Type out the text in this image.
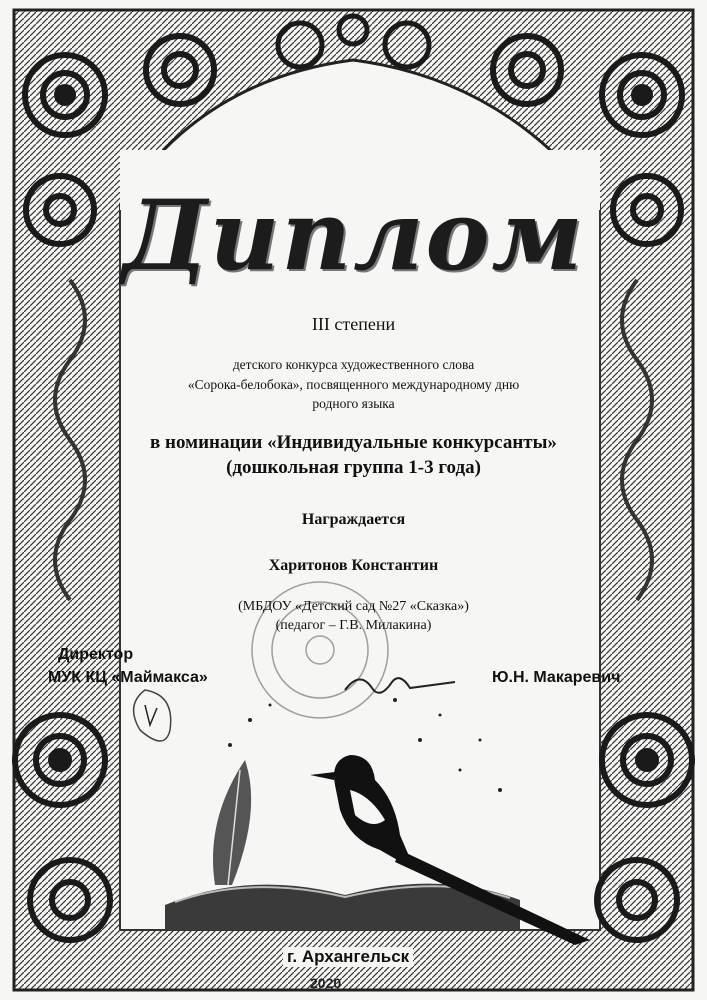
Диплом
III степени
детского конкурса художественного слова
«Сорока-белобока», посвященного международному дню
родного языка
в номинации «Индивидуальные конкурсанты»
(дошкольная группа 1-3 года)
Награждается
Харитонов Константин
(МБДОУ «Детский сад №27 «Сказка»)
(педагог – Г.В. Милакина)
Директор
МУК КЦ «Маймакса»	Ю.Н. Макаревич
г. Архангельск
2020
